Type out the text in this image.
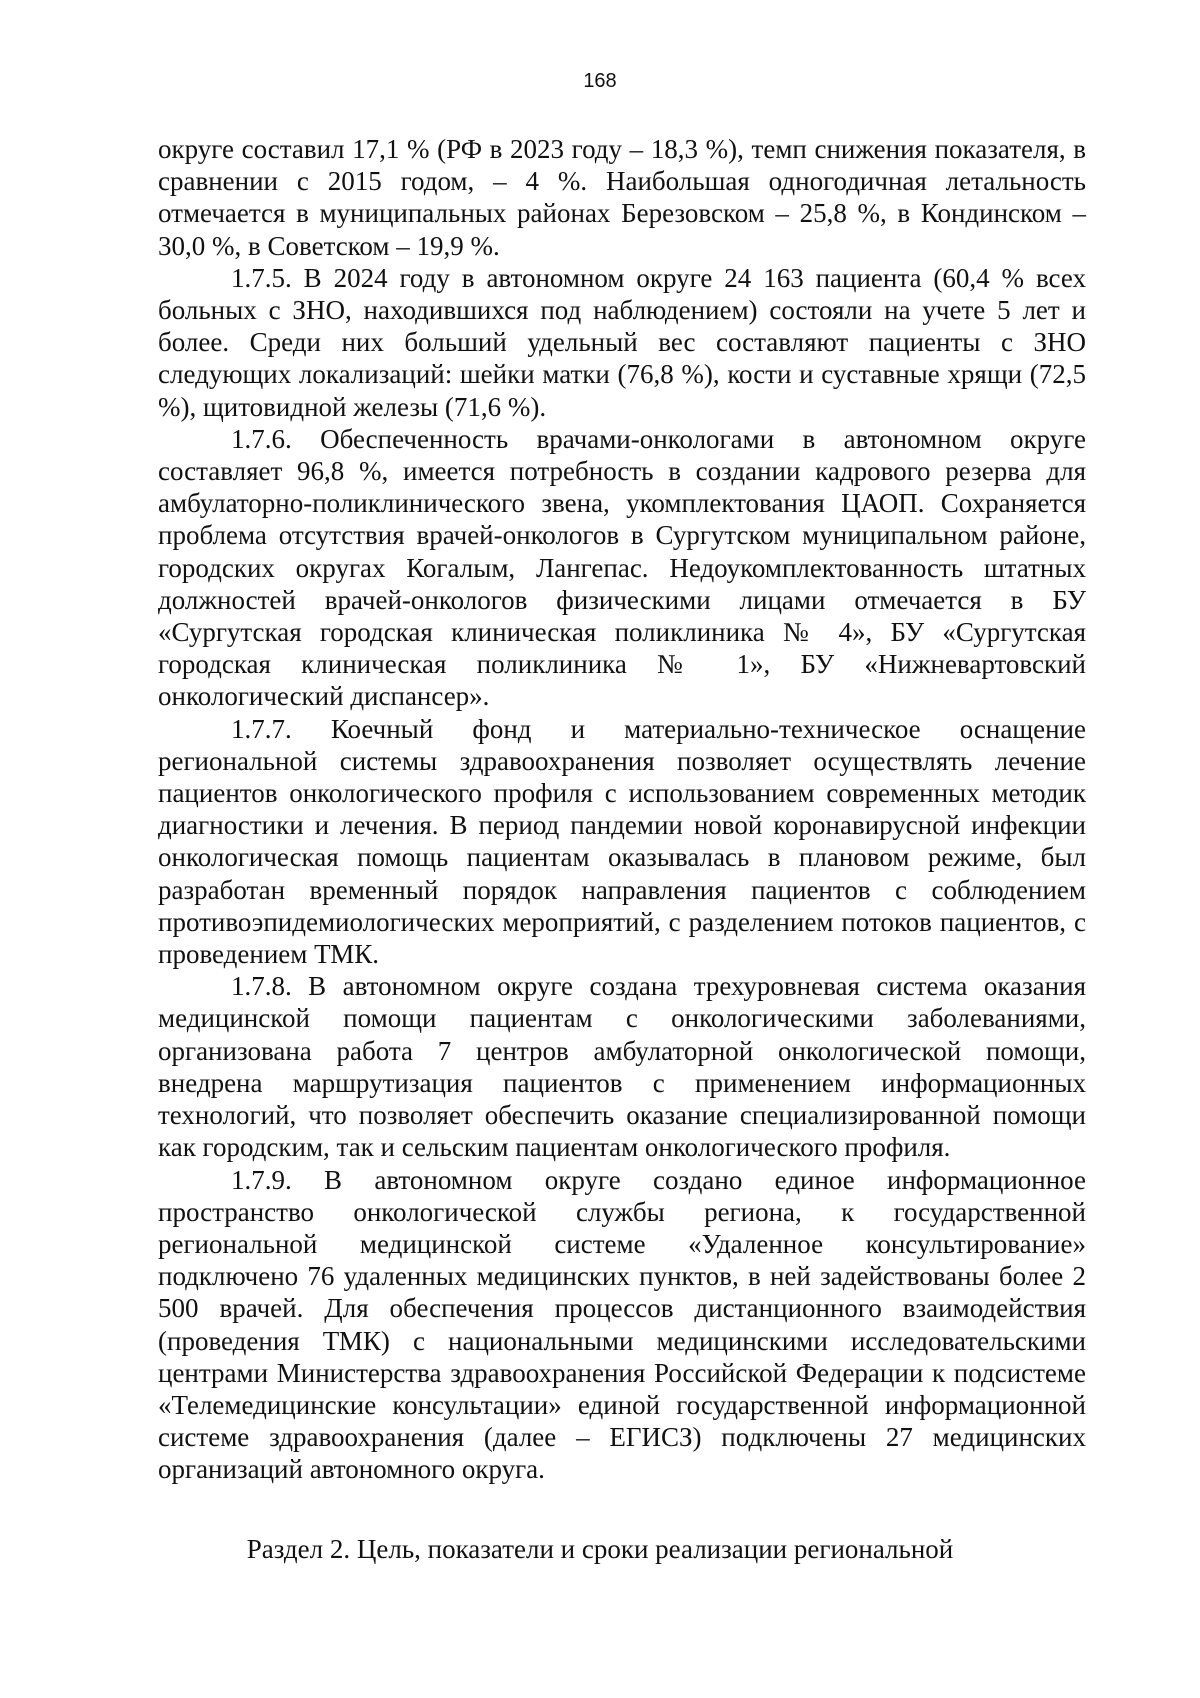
168

округе составил 17,1 % (РФ в 2023 году – 18,3 %), темп снижения показателя, в сравнении с 2015 годом, – 4 %. Наибольшая одногодичная летальность отмечается в муниципальных районах Березовском – 25,8 %, в Кондинском – 30,0 %, в Советском – 19,9 %.

1.7.5. В 2024 году в автономном округе 24 163 пациента (60,4 % всех больных с ЗНО, находившихся под наблюдением) состояли на учете 5 лет и более. Среди них больший удельный вес составляют пациенты с ЗНО следующих локализаций: шейки матки (76,8 %), кости и суставные хрящи (72,5 %), щитовидной железы (71,6 %).

1.7.6. Обеспеченность врачами-онкологами в автономном округе составляет 96,8 %, имеется потребность в создании кадрового резерва для амбулаторно-поликлинического звена, укомплектования ЦАОП. Сохраняется проблема отсутствия врачей-онкологов в Сургутском муниципальном районе, городских округах Когалым, Лангепас. Недоукомплектованность штатных должностей врачей-онкологов физическими лицами отмечается в БУ «Сургутская городская клиническая поликлиника № 4», БУ «Сургутская городская клиническая поликлиника № 1», БУ «Нижневартовский онкологический диспансер».

1.7.7. Коечный фонд и материально-техническое оснащение региональной системы здравоохранения позволяет осуществлять лечение пациентов онкологического профиля с использованием современных методик диагностики и лечения. В период пандемии новой коронавирусной инфекции онкологическая помощь пациентам оказывалась в плановом режиме, был разработан временный порядок направления пациентов с соблюдением противоэпидемиологических мероприятий, с разделением потоков пациентов, с проведением ТМК.

1.7.8. В автономном округе создана трехуровневая система оказания медицинской помощи пациентам с онкологическими заболеваниями, организована работа 7 центров амбулаторной онкологической помощи, внедрена маршрутизация пациентов с применением информационных технологий, что позволяет обеспечить оказание специализированной помощи как городским, так и сельским пациентам онкологического профиля.

1.7.9. В автономном округе создано единое информационное пространство онкологической службы региона, к государственной региональной медицинской системе «Удаленное консультирование» подключено 76 удаленных медицинских пунктов, в ней задействованы более 2 500 врачей. Для обеспечения процессов дистанционного взаимодействия (проведения ТМК) с национальными медицинскими исследовательскими центрами Министерства здравоохранения Российской Федерации к подсистеме «Телемедицинские консультации» единой государственной информационной системе здравоохранения (далее – ЕГИСЗ) подключены 27 медицинских организаций автономного округа.

Раздел 2. Цель, показатели и сроки реализации региональной
